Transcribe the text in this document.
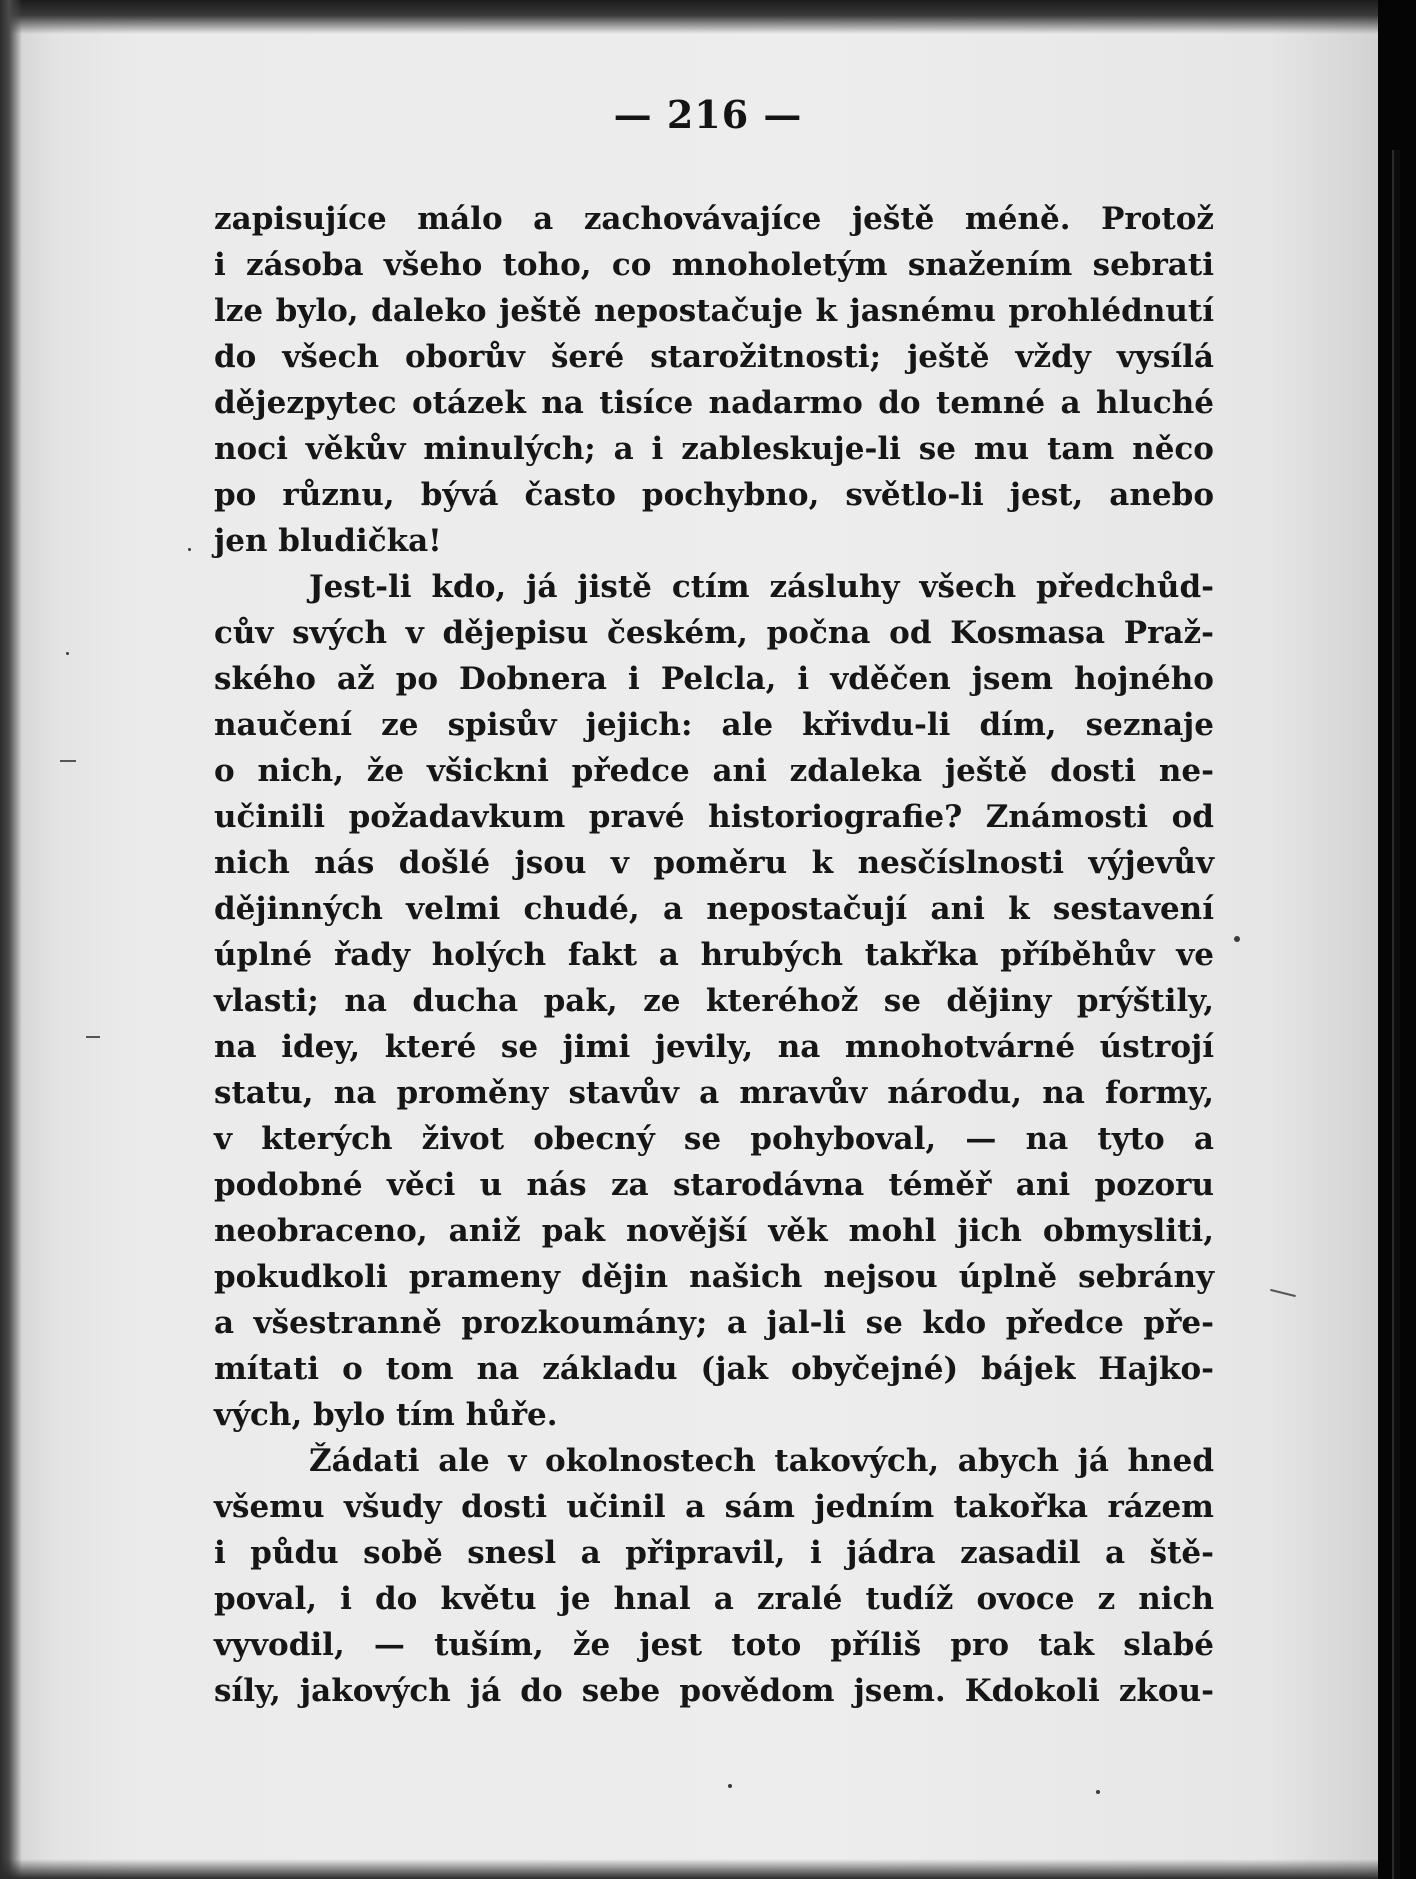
— 216 —
zapisujíce málo a zachovávajíce ještě méně. Protož
i zásoba všeho toho, co mnoholetým snažením sebrati
lze bylo, daleko ještě nepostačuje k jasnému prohlédnutí
do všech oborův šeré starožitnosti; ještě vždy vysílá
dějezpytec otázek na tisíce nadarmo do temné a hluché
noci věkův minulých; a i zableskuje-li se mu tam něco
po různu, bývá často pochybno, světlo-li jest, anebo
jen bludička!
Jest-li kdo, já jistě ctím zásluhy všech předchůd-
cův svých v dějepisu českém, počna od Kosmasa Praž-
ského až po Dobnera i Pelcla, i vděčen jsem hojného
naučení ze spisův jejich: ale křivdu-li dím, seznaje
o nich, že všickni předce ani zdaleka ještě dosti ne-
učinili požadavkum pravé historiografie? Známosti od
nich nás došlé jsou v poměru k nesčíslnosti výjevův
dějinných velmi chudé, a nepostačují ani k sestavení
úplné řady holých fakt a hrubých takřka příběhův ve
vlasti; na ducha pak, ze kteréhož se dějiny prýštily,
na idey, které se jimi jevily, na mnohotvárné ústrojí
statu, na proměny stavův a mravův národu, na formy,
v kterých život obecný se pohyboval, — na tyto a
podobné věci u nás za starodávna téměř ani pozoru
neobraceno, aniž pak novější věk mohl jich obmysliti,
pokudkoli prameny dějin našich nejsou úplně sebrány
a všestranně prozkoumány; a jal-li se kdo předce pře-
mítati o tom na základu (jak obyčejné) bájek Hajko-
vých, bylo tím hůře.
Žádati ale v okolnostech takových, abych já hned
všemu všudy dosti učinil a sám jedním takořka rázem
i půdu sobě snesl a připravil, i jádra zasadil a ště-
poval, i do květu je hnal a zralé tudíž ovoce z nich
vyvodil, — tuším, že jest toto příliš pro tak slabé
síly, jakových já do sebe povědom jsem. Kdokoli zkou-
